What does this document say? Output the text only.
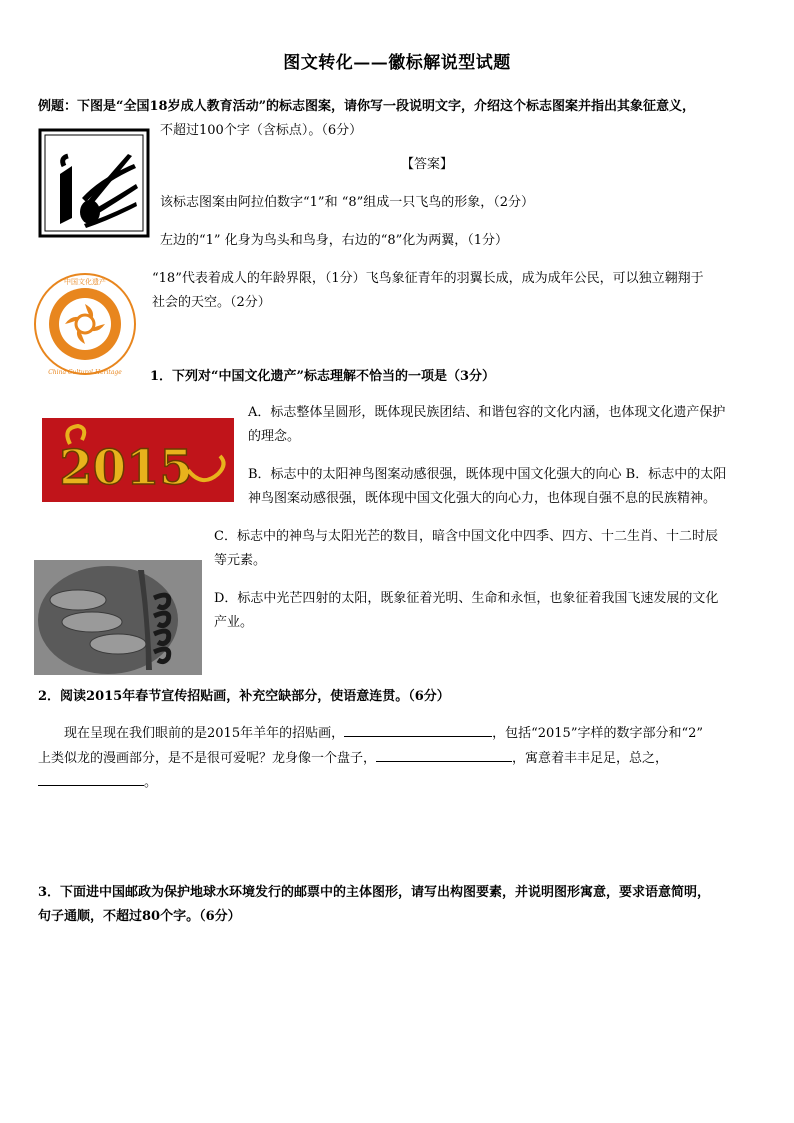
图文转化——徽标解说型试题
例题：下图是“全国18岁成人教育活动”的标志图案，请你写一段说明文字，介绍这个标志图案并指出其象征意义，
不超过100个字（含标点）。（6分）
【答案】
该标志图案由阿拉伯数字“1”和 “8”组成一只飞鸟的形象，（2分）
左边的“1” 化身为鸟头和鸟身，右边的“8”化为两翼，（1分）
中国文化遗产
China Cultural Heritage
“18”代表着成人的年龄界限，（1分）飞鸟象征青年的羽翼长成，成为成年公民，可以独立翱翔于
社会的天空。（2分）
1．下列对“中国文化遗产”标志理解不恰当的一项是（3分）
2015
A．标志整体呈圆形，既体现民族团结、和谐包容的文化内涵，也体现文化遗产保护
的理念。
B．标志中的太阳神鸟图案动感很强，既体现中国文化强大的向心 B．标志中的太阳
神鸟图案动感很强，既体现中国文化强大的向心力，也体现自强不息的民族精神。
C．标志中的神鸟与太阳光芒的数目，暗含中国文化中四季、四方、十二生肖、十二时辰
等元素。
D．标志中光芒四射的太阳，既象征着光明、生命和永恒，也象征着我国飞速发展的文化
产业。
2．阅读2015年春节宣传招贴画，补充空缺部分，使语意连贯。（6分）
现在呈现在我们眼前的是2015年羊年的招贴画，	，包括“2015”字样的数字部分和“2”
上类似龙的漫画部分，是不是很可爱呢？龙身像一个盘子，	，寓意着丰丰足足，总之，
。
3．下面进中国邮政为保护地球水环境发行的邮票中的主体图形，请写出构图要素，并说明图形寓意，要求语意简明，
句子通顺，不超过80个字。（6分）
